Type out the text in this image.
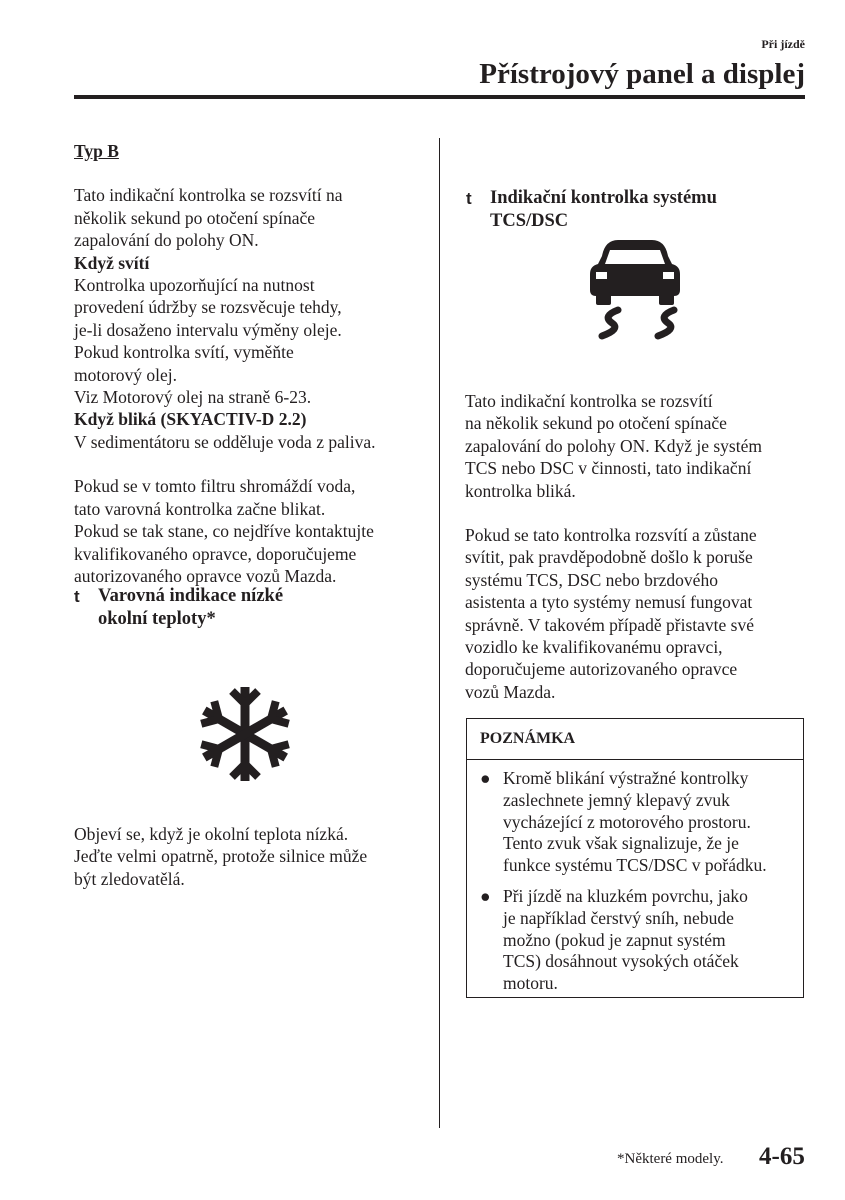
Při jízdě
Přístrojový panel a displej

Typ B

Tato indikační kontrolka se rozsvítí na

několik sekund po otočení spínače

zapalování do polohy ON.

Když svítí

Kontrolka upozorňující na nutnost

provedení údržby se rozsvěcuje tehdy,

je-li dosaženo intervalu výměny oleje.

Pokud kontrolka svítí, vyměňte

motorový olej.

Viz Motorový olej na straně 6-23.

Když bliká (SKYACTIV-D 2.2)

V sedimentátoru se odděluje voda z paliva.

Pokud se v tomto filtru shromáždí voda,

tato varovná kontrolka začne blikat.

Pokud se tak stane, co nejdříve kontaktujte

kvalifikovaného opravce, doporučujeme

autorizovaného opravce vozů Mazda.

t Varovná indikace nízké
okolní teploty*

Objeví se, když je okolní teplota nízká.

Jeďte velmi opatrně, protože silnice může

být zledovatělá.

t Indikační kontrolka systému
TCS/DSC

Tato indikační kontrolka se rozsvítí

na několik sekund po otočení spínače

zapalování do polohy ON. Když je systém

TCS nebo DSC v činnosti, tato indikační

kontrolka bliká.

Pokud se tato kontrolka rozsvítí a zůstane

svítit, pak pravděpodobně došlo k poruše

systému TCS, DSC nebo brzdového

asistenta a tyto systémy nemusí fungovat

správně. V takovém případě přistavte své

vozidlo ke kvalifikovanému opravci,

doporučujeme autorizovaného opravce

vozů Mazda.

POZNÁMKA
● Kromě blikání výstražné kontrolky

zaslechnete jemný klepavý zvuk

vycházející z motorového prostoru.

Tento zvuk však signalizuje, že je

funkce systému TCS/DSC v pořádku.

● Při jízdě na kluzkém povrchu, jako

je například čerstvý sníh, nebude

možno (pokud je zapnut systém

TCS) dosáhnout vysokých otáček

motoru.

*Některé modely. 4-65
